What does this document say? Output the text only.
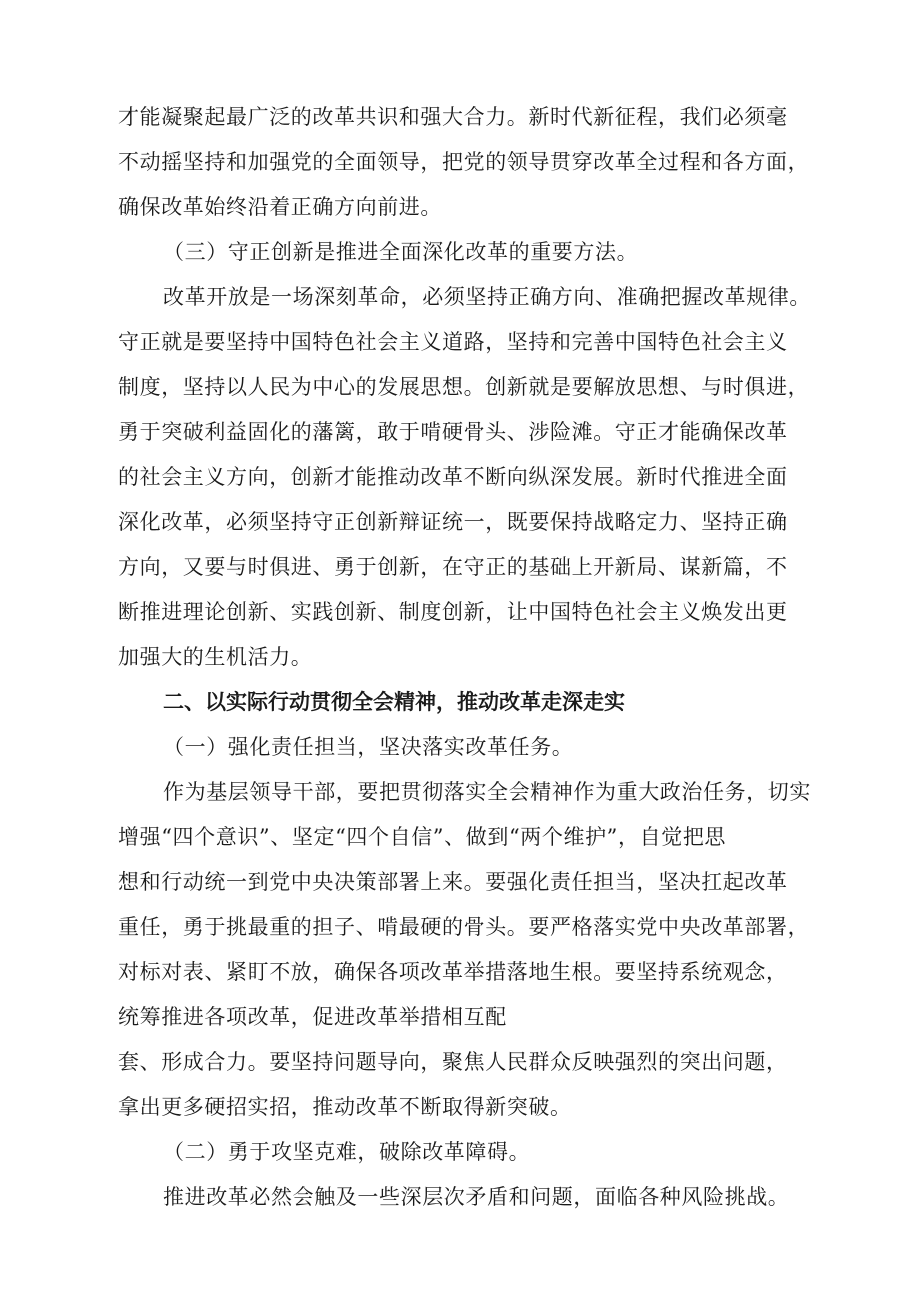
才能凝聚起最广泛的改革共识和强大合力。新时代新征程，我们必须毫
不动摇坚持和加强党的全面领导，把党的领导贯穿改革全过程和各方面，
确保改革始终沿着正确方向前进。
（三）守正创新是推进全面深化改革的重要方法。
改革开放是一场深刻革命，必须坚持正确方向、准确把握改革规律。
守正就是要坚持中国特色社会主义道路，坚持和完善中国特色社会主义
制度，坚持以人民为中心的发展思想。创新就是要解放思想、与时俱进，
勇于突破利益固化的藩篱，敢于啃硬骨头、涉险滩。守正才能确保改革
的社会主义方向，创新才能推动改革不断向纵深发展。新时代推进全面
深化改革，必须坚持守正创新辩证统一，既要保持战略定力、坚持正确
方向，又要与时俱进、勇于创新，在守正的基础上开新局、谋新篇，不
断推进理论创新、实践创新、制度创新，让中国特色社会主义焕发出更
加强大的生机活力。
二、以实际行动贯彻全会精神，推动改革走深走实
（一）强化责任担当，坚决落实改革任务。
作为基层领导干部，要把贯彻落实全会精神作为重大政治任务，切实
增强“四个意识”、坚定“四个自信”、做到“两个维护”，自觉把思
想和行动统一到党中央决策部署上来。要强化责任担当，坚决扛起改革
重任，勇于挑最重的担子、啃最硬的骨头。要严格落实党中央改革部署，
对标对表、紧盯不放，确保各项改革举措落地生根。要坚持系统观念，
统筹推进各项改革，促进改革举措相互配
套、形成合力。要坚持问题导向，聚焦人民群众反映强烈的突出问题，
拿出更多硬招实招，推动改革不断取得新突破。
（二）勇于攻坚克难，破除改革障碍。
推进改革必然会触及一些深层次矛盾和问题，面临各种风险挑战。
